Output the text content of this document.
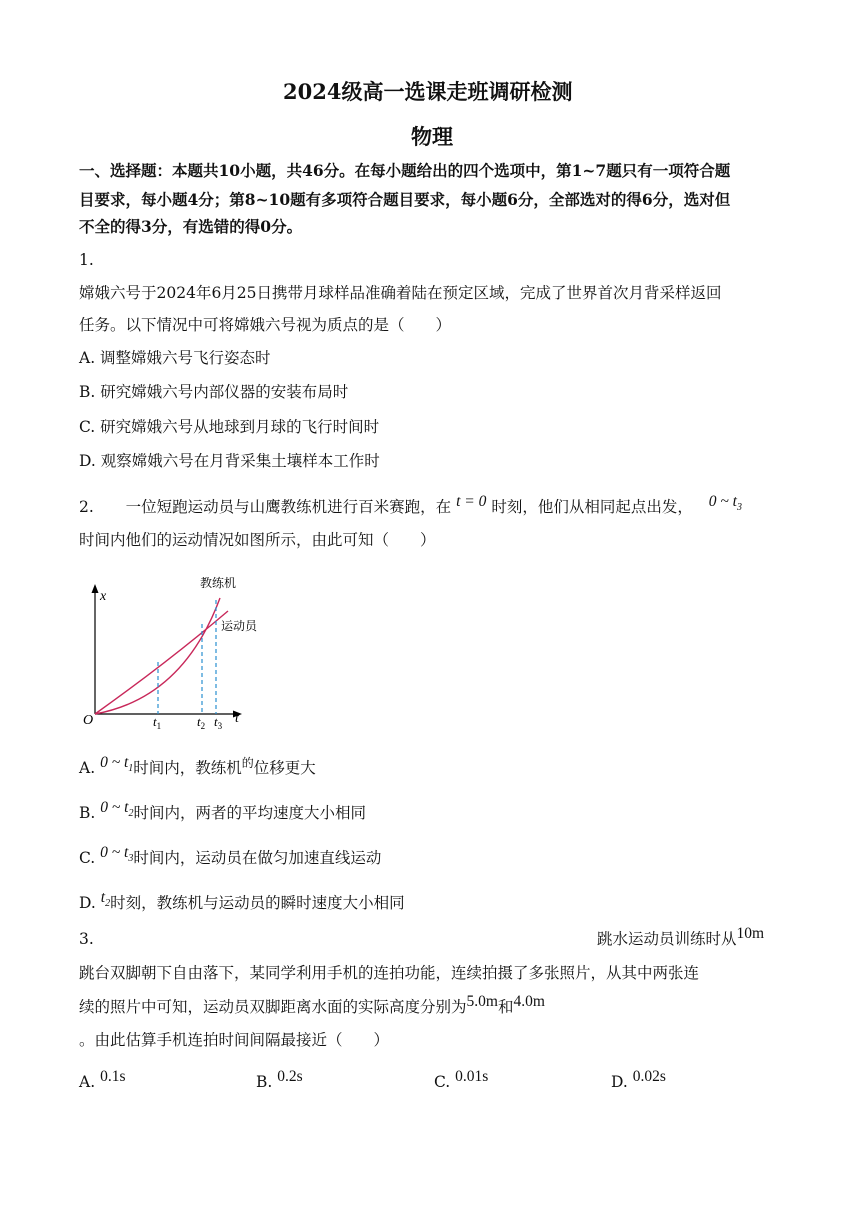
2024级高一选课走班调研检测
物理
一、选择题：本题共10小题，共46分。在每小题给出的四个选项中，第1~7题只有一项符合题
目要求，每小题4分；第8~10题有多项符合题目要求，每小题6分，全部选对的得6分，选对但
不全的得3分，有选错的得0分。
1.
嫦娥六号于2024年6月25日携带月球样品准确着陆在预定区域，完成了世界首次月背采样返回
任务。以下情况中可将嫦娥六号视为质点的是（　　）
A. 调整嫦娥六号飞行姿态时
B. 研究嫦娥六号内部仪器的安装布局时
C. 研究嫦娥六号从地球到月球的飞行时间时
D. 观察嫦娥六号在月背采集土壤样本工作时
2. 一位短跑运动员与山鹰教练机进行百米赛跑，在 t = 0 时刻，他们从相同起点出发， 0 ~ $t_3$
时间内他们的运动情况如图所示，由此可知（　　）
教练机
运动员
x
t
O	$t_1$	$t_2$ $t_3$
A. 0 ~ $t_1$时间内，教练机$^的$位移更大
B. 0 ~ $t_2$时间内，两者的平均速度大小相同
C. 0 ~ $t_3$时间内，运动员在做匀加速直线运动
D. $t_2$时刻，教练机与运动员的瞬时速度大小相同
3.	跳水运动员训练时从10m
跳台双脚朝下自由落下，某同学利用手机的连拍功能，连续拍摄了多张照片，从其中两张连
续的照片中可知，运动员双脚距离水面的实际高度分别为5.0m和4.0m
。由此估算手机连拍时间间隔最接近（　　）
A. 0.1s	B. 0.2s	C. 0.01s	D. 0.02s
